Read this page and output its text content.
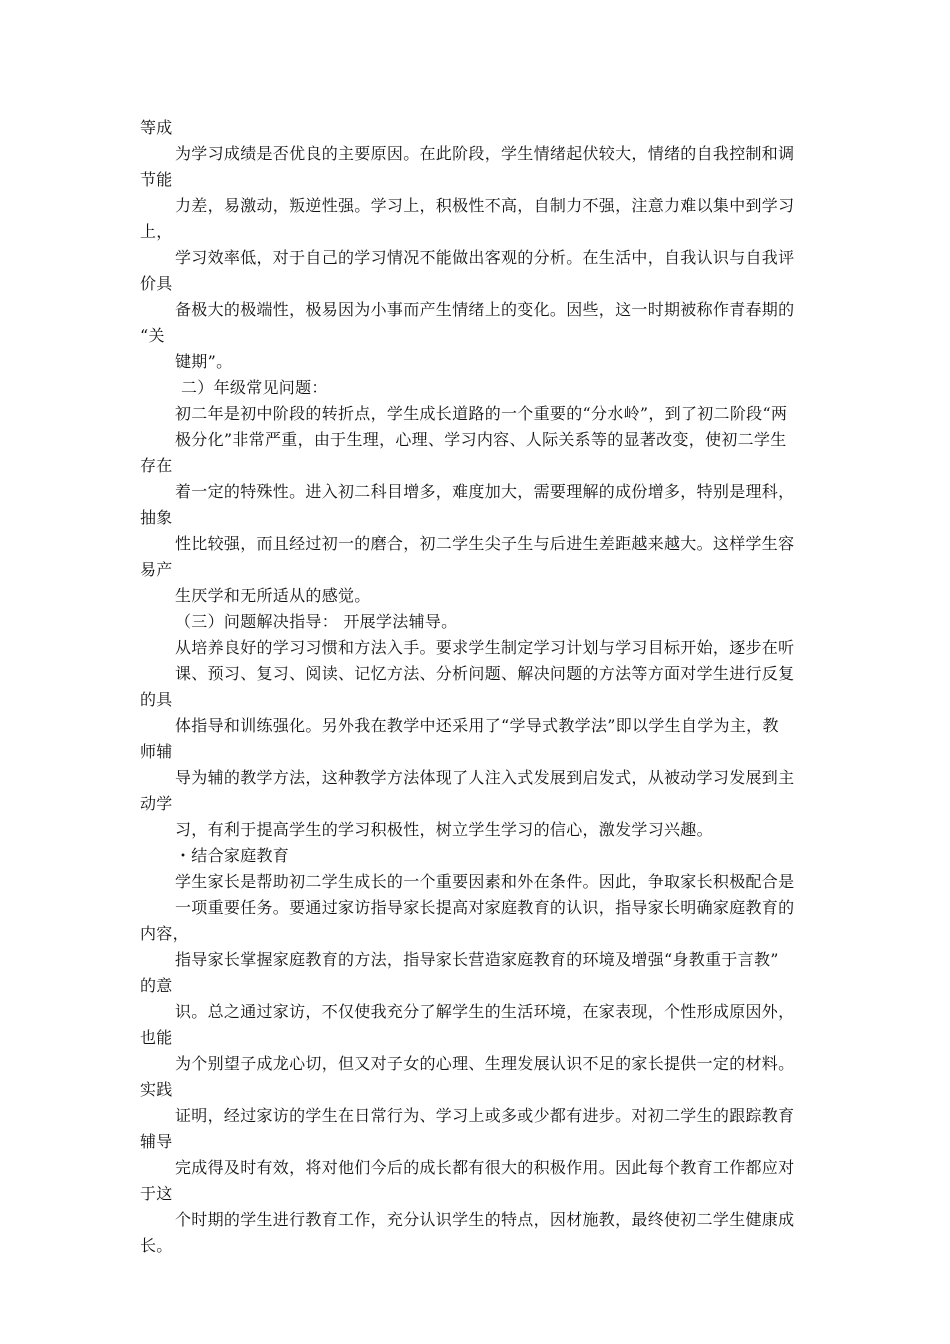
等成
为学习成绩是否优良的主要原因。在此阶段，学生情绪起伏较大，情绪的自我控制和调
节能
力差，易激动，叛逆性强。学习上，积极性不高，自制力不强，注意力难以集中到学习
上，
学习效率低，对于自己的学习情况不能做出客观的分析。在生活中，自我认识与自我评
价具
备极大的极端性，极易因为小事而产生情绪上的变化。因些，这一时期被称作青春期的
“关
键期”。
二）年级常见问题：
初二年是初中阶段的转折点，学生成长道路的一个重要的“分水岭”，到了初二阶段“两
极分化”非常严重，由于生理，心理、学习内容、人际关系等的显著改变，使初二学生
存在
着一定的特殊性。进入初二科目增多，难度加大，需要理解的成份增多，特别是理科，
抽象
性比较强，而且经过初一的磨合，初二学生尖子生与后进生差距越来越大。这样学生容
易产
生厌学和无所适从的感觉。
（三）问题解决指导： 开展学法辅导。
从培养良好的学习习惯和方法入手。要求学生制定学习计划与学习目标开始，逐步在听
课、预习、复习、阅读、记忆方法、分析问题、解决问题的方法等方面对学生进行反复
的具
体指导和训练强化。另外我在教学中还采用了“学导式教学法”即以学生自学为主，教
师辅
导为辅的教学方法，这种教学方法体现了人注入式发展到启发式，从被动学习发展到主
动学
习，有利于提高学生的学习积极性，树立学生学习的信心，激发学习兴趣。
・结合家庭教育
学生家长是帮助初二学生成长的一个重要因素和外在条件。因此，争取家长积极配合是
一项重要任务。要通过家访指导家长提高对家庭教育的认识，指导家长明确家庭教育的
内容，
指导家长掌握家庭教育的方法，指导家长营造家庭教育的环境及增强“身教重于言教”
的意
识。总之通过家访，不仅使我充分了解学生的生活环境，在家表现，个性形成原因外，
也能
为个别望子成龙心切，但又对子女的心理、生理发展认识不足的家长提供一定的材料。
实践
证明，经过家访的学生在日常行为、学习上或多或少都有进步。对初二学生的跟踪教育
辅导
完成得及时有效，将对他们今后的成长都有很大的积极作用。因此每个教育工作都应对
于这
个时期的学生进行教育工作，充分认识学生的特点，因材施教，最终使初二学生健康成
长。
